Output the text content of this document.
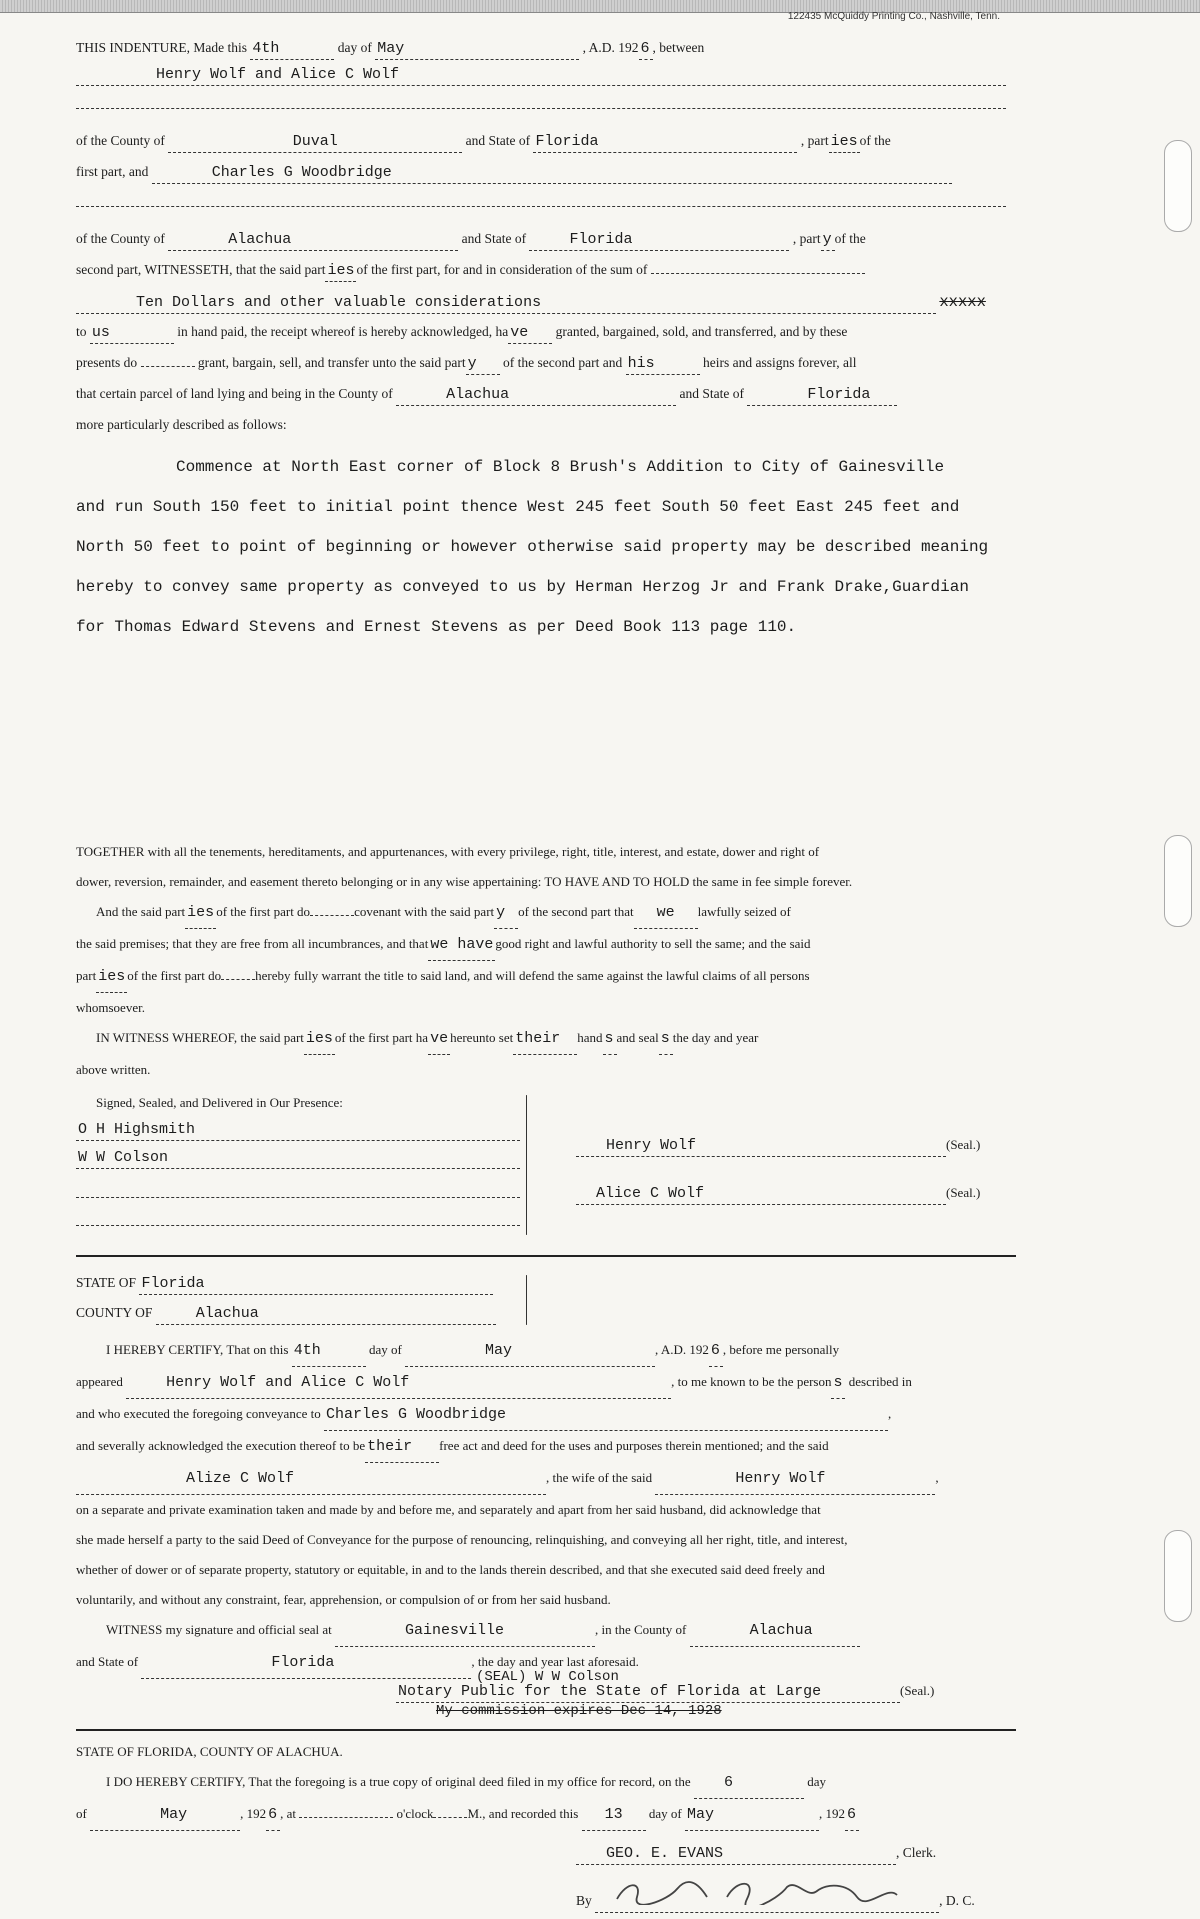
122435 McQuiddy Printing Co., Nashville, Tenn.
THIS INDENTURE, Made this 4th	day of May	, A.D. 192 6 , between
Henry Wolf and Alice C Wolf
of the County of	Duval	and State of Florida	, part ies of the
first part, and	Charles G Woodbridge
of the County of	Alachua	and State of	Florida	, part y of the
second part, WITNESSETH, that the said part ies of the first part, for and in consideration of the sum of
Ten Dollars and other valuable considerations	xxxxx
to us	in hand paid, the receipt whereof is hereby acknowledged, ha ve granted, bargained, sold, and transferred, and by these
presents do	grant, bargain, sell, and transfer unto the said part y of the second part and his	heirs and assigns forever, all
that certain parcel of land lying and being in the County of	Alachua	and State of	Florida
more particularly described as follows:
Commence at North East corner of Block 8 Brush's Addition to City of Gainesville
and run South 150 feet to initial point thence West 245 feet South 50 feet East 245 feet and
North 50 feet to point of beginning or however otherwise said property may be described meaning
hereby to convey same property as conveyed to us by Herman Herzog Jr and Frank Drake,Guardian
for Thomas Edward Stevens and Ernest Stevens as per Deed Book 113 page 110.
TOGETHER with all the tenements, hereditaments, and appurtenances, with every privilege, right, title, interest, and estate, dower and right of
dower, reversion, remainder, and easement thereto belonging or in any wise appertaining: TO HAVE AND TO HOLD the same in fee simple forever.
And the said part ies of the first part do	covenant with the said part y of the second part that we lawfully seized of
the said premises; that they are free from all incumbrances, and that we have good right and lawful authority to sell the same; and the said
part ies of the first part do	hereby fully warrant the title to said land, and will defend the same against the lawful claims of all persons
whomsoever.
IN WITNESS WHEREOF, the said part ies of the first part ha ve hereunto set their hand s and seal s the day and year
above written.
Signed, Sealed, and Delivered in Our Presence:
O H Highsmith
W W Colson
Henry Wolf	(Seal.)
Alice C Wolf	(Seal.)
STATE OF Florida
COUNTY OF	Alachua
I HEREBY CERTIFY, That on this 4th	day of	May	, A.D. 192 6 , before me personally
appeared	Henry Wolf and Alice C Wolf	, to me known to be the person s described in
and who executed the foregoing conveyance to Charles G Woodbridge	,
and severally acknowledged the execution thereof to be their free act and deed for the uses and purposes therein mentioned; and the said
Alize C Wolf	, the wife of the said	Henry Wolf	,
on a separate and private examination taken and made by and before me, and separately and apart from her said husband, did acknowledge that
she made herself a party to the said Deed of Conveyance for the purpose of renouncing, relinquishing, and conveying all her right, title, and interest,
whether of dower or of separate property, statutory or equitable, in and to the lands therein described, and that she executed said deed freely and
voluntarily, and without any constraint, fear, apprehension, or compulsion of or from her said husband.
WITNESS my signature and official seal at	Gainesville	, in the County of	Alachua
and State of	Florida	, the day and year last aforesaid.
(SEAL) W W Colson
Notary Public for the State of Florida at Large	(Seal.)
My commission expires Dec 14, 1928
STATE OF FLORIDA, COUNTY OF ALACHUA.
I DO HEREBY CERTIFY, That the foregoing is a true copy of original deed filed in my office for record, on the 6	day
of	May	, 192 6 , at	o'clock	M., and recorded this 13 day of May	, 192 6
GEO. E. EVANS	, Clerk.
By	, D. C.
